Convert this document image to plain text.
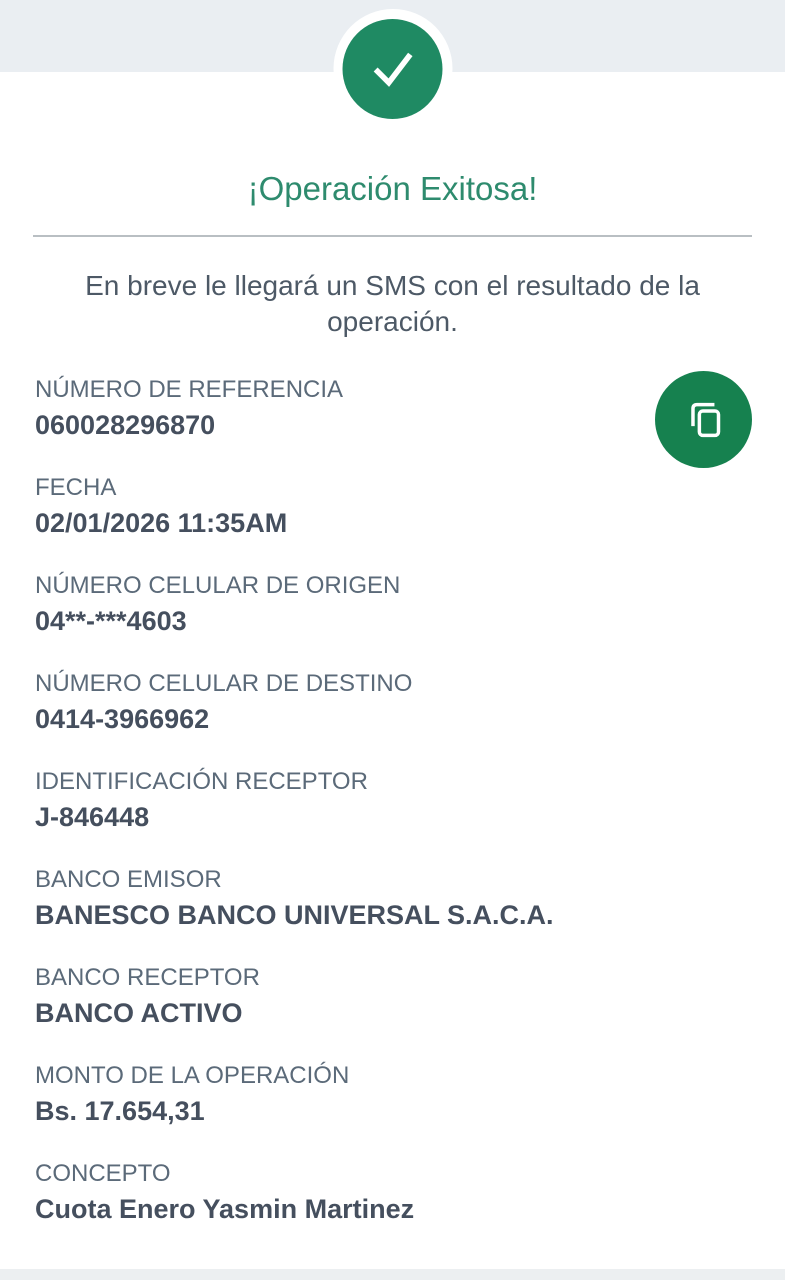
¡Operación Exitosa!

En breve le llegará un SMS con el resultado de la operación.

NÚMERO DE REFERENCIA
060028296870
FECHA
02/01/2026 11:35AM
NÚMERO CELULAR DE ORIGEN
04**-***4603
NÚMERO CELULAR DE DESTINO
0414-3966962
IDENTIFICACIÓN RECEPTOR
J-846448
BANCO EMISOR
BANESCO BANCO UNIVERSAL S.A.C.A.
BANCO RECEPTOR
BANCO ACTIVO
MONTO DE LA OPERACIÓN
Bs. 17.654,31
CONCEPTO
Cuota Enero Yasmin Martinez
